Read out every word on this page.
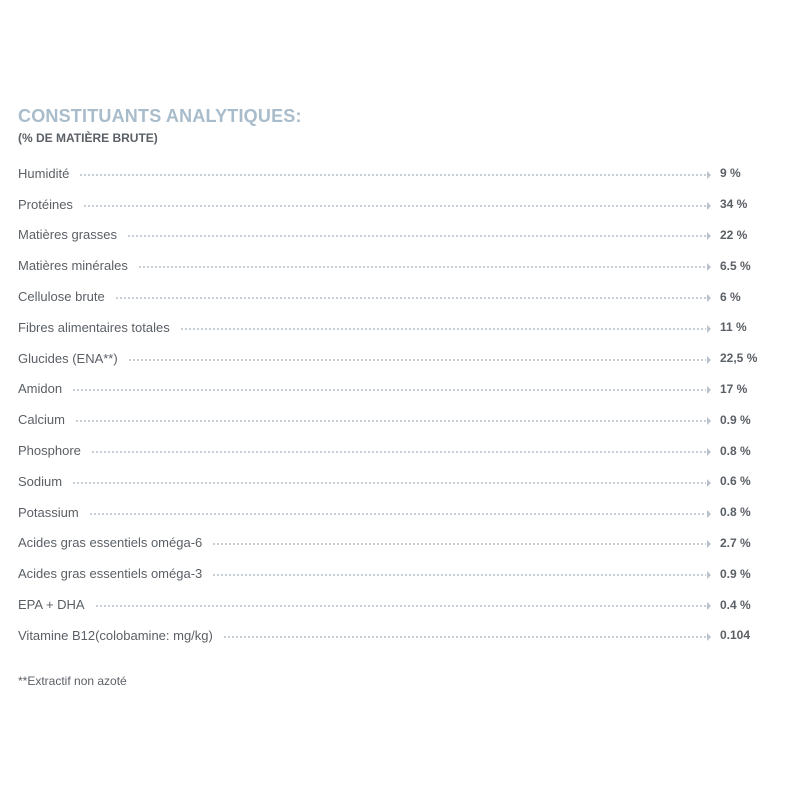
CONSTITUANTS ANALYTIQUES:
(% DE MATIÈRE BRUTE)
Humidité	9 %
Protéines	34 %
Matières grasses	22 %
Matières minérales	6.5 %
Cellulose brute	6 %
Fibres alimentaires totales	11 %
Glucides (ENA**)	22,5 %
Amidon	17 %
Calcium	0.9 %
Phosphore	0.8 %
Sodium	0.6 %
Potassium	0.8 %
Acides gras essentiels oméga-6	2.7 %
Acides gras essentiels oméga-3	0.9 %
EPA + DHA	0.4 %
Vitamine B12(colobamine: mg/kg)	0.104
**Extractif non azoté
